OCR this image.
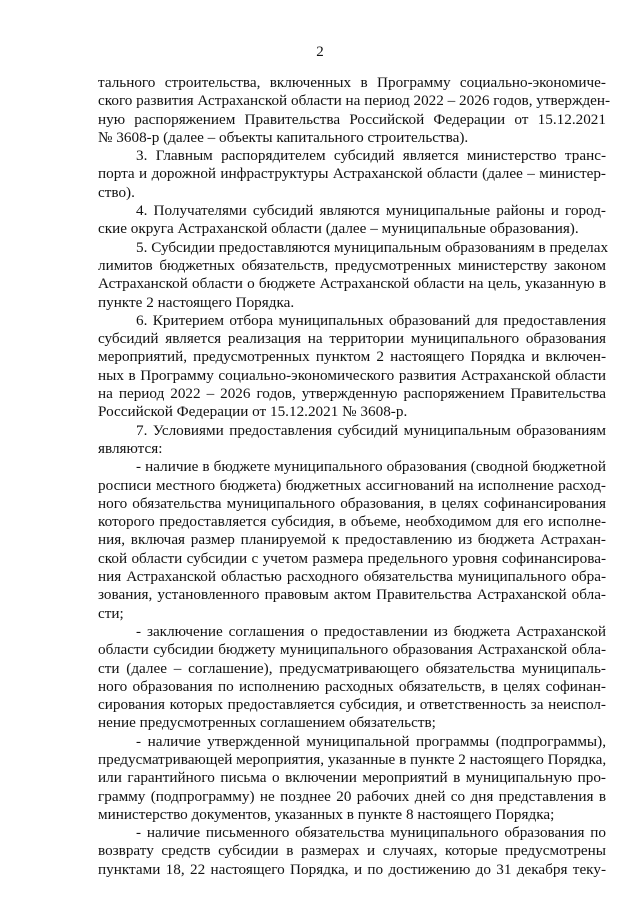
2
тального строительства, включенных в Программу социально-экономиче-
ского развития Астраханской области на период 2022 – 2026 годов, утвержден-
ную распоряжением Правительства Российской Федерации от 15.12.2021
№ 3608-р (далее – объекты капитального строительства).
3. Главным распорядителем субсидий является министерство транс-
порта и дорожной инфраструктуры Астраханской области (далее – министер-
ство).
4. Получателями субсидий являются муниципальные районы и город-
ские округа Астраханской области (далее – муниципальные образования).
5. Субсидии предоставляются муниципальным образованиям в пределах
лимитов бюджетных обязательств, предусмотренных министерству законом
Астраханской области о бюджете Астраханской области на цель, указанную в
пункте 2 настоящего Порядка.
6. Критерием отбора муниципальных образований для предоставления
субсидий является реализация на территории муниципального образования
мероприятий, предусмотренных пунктом 2 настоящего Порядка и включен-
ных в Программу социально-экономического развития Астраханской области
на период 2022 – 2026 годов, утвержденную распоряжением Правительства
Российской Федерации от 15.12.2021 № 3608-р.
7. Условиями предоставления субсидий муниципальным образованиям
являются:
- наличие в бюджете муниципального образования (сводной бюджетной
росписи местного бюджета) бюджетных ассигнований на исполнение расход-
ного обязательства муниципального образования, в целях софинансирования
которого предоставляется субсидия, в объеме, необходимом для его исполне-
ния, включая размер планируемой к предоставлению из бюджета Астрахан-
ской области субсидии с учетом размера предельного уровня софинансирова-
ния Астраханской областью расходного обязательства муниципального обра-
зования, установленного правовым актом Правительства Астраханской обла-
сти;
- заключение соглашения о предоставлении из бюджета Астраханской
области субсидии бюджету муниципального образования Астраханской обла-
сти (далее – соглашение), предусматривающего обязательства муниципаль-
ного образования по исполнению расходных обязательств, в целях софинан-
сирования которых предоставляется субсидия, и ответственность за неиспол-
нение предусмотренных соглашением обязательств;
- наличие утвержденной муниципальной программы (подпрограммы),
предусматривающей мероприятия, указанные в пункте 2 настоящего Порядка,
или гарантийного письма о включении мероприятий в муниципальную про-
грамму (подпрограмму) не позднее 20 рабочих дней со дня представления в
министерство документов, указанных в пункте 8 настоящего Порядка;
- наличие письменного обязательства муниципального образования по
возврату средств субсидии в размерах и случаях, которые предусмотрены
пунктами 18, 22 настоящего Порядка, и по достижению до 31 декабря теку-
